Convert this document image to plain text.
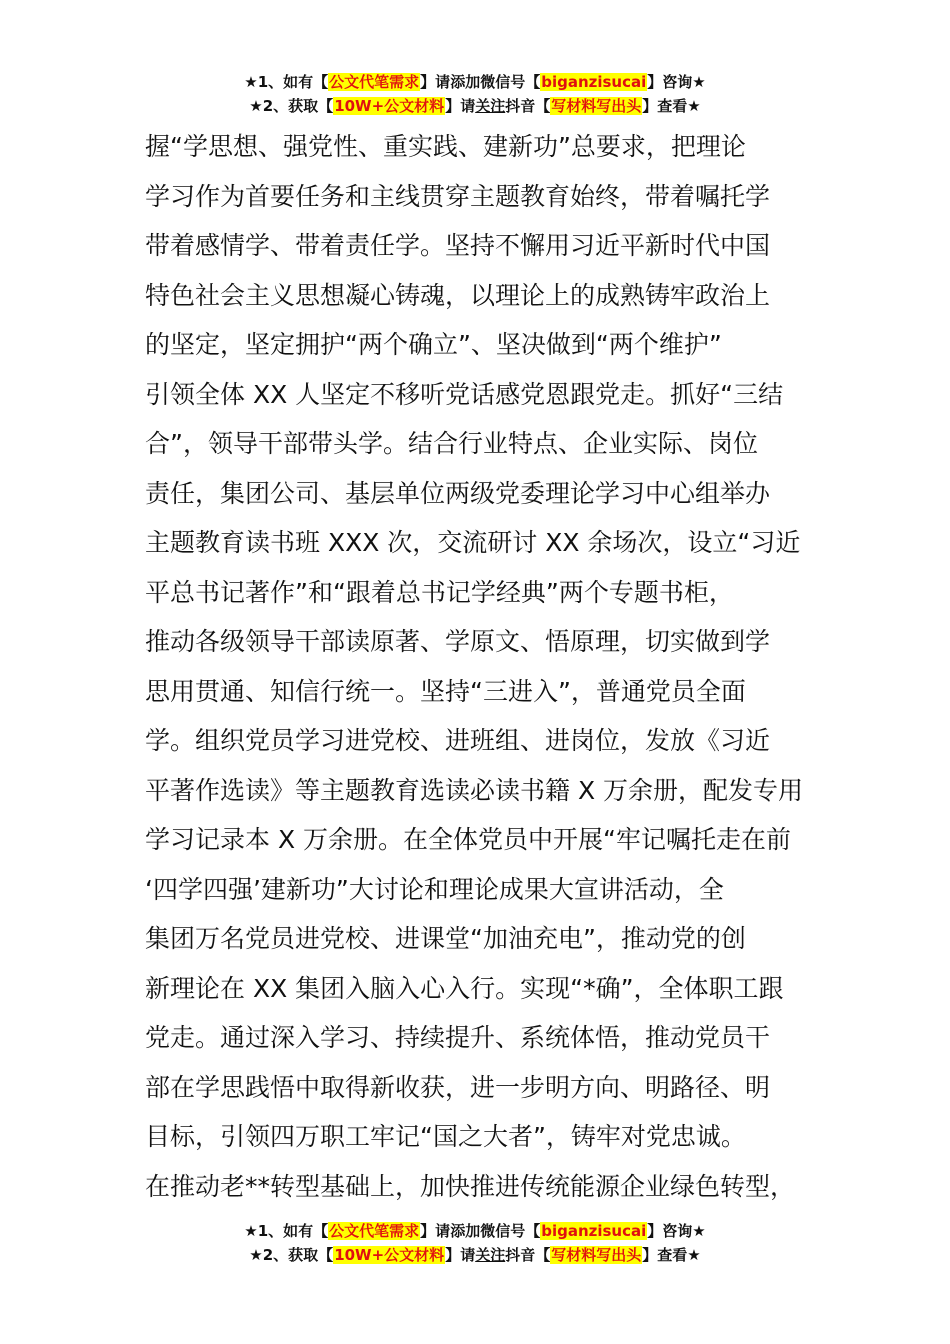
★1、如有【公文代笔需求】请添加微信号【biganzisucai】咨询★
★2、获取【10W+公文材料】请关注抖音【写材料写出头】查看★
握“学思想、强党性、重实践、建新功”总要求，把理论
学习作为首要任务和主线贯穿主题教育始终，带着嘱托学
带着感情学、带着责任学。坚持不懈用习近平新时代中国
特色社会主义思想凝心铸魂，以理论上的成熟铸牢政治上
的坚定，坚定拥护“两个确立”、坚决做到“两个维护”
引领全体 XX 人坚定不移听党话感党恩跟党走。抓好“三结
合”，领导干部带头学。结合行业特点、企业实际、岗位
责任，集团公司、基层单位两级党委理论学习中心组举办
主题教育读书班 XXX 次，交流研讨 XX 余场次，设立“习近
平总书记著作”和“跟着总书记学经典”两个专题书柜，
推动各级领导干部读原著、学原文、悟原理，切实做到学
思用贯通、知信行统一。坚持“三进入”，普通党员全面
学。组织党员学习进党校、进班组、进岗位，发放《习近
平著作选读》等主题教育选读必读书籍 X 万余册，配发专用
学习记录本 X 万余册。在全体党员中开展“牢记嘱托走在前
‘四学四强’建新功”大讨论和理论成果大宣讲活动，全
集团万名党员进党校、进课堂“加油充电”，推动党的创
新理论在 XX 集团入脑入心入行。实现“*确”，全体职工跟
党走。通过深入学习、持续提升、系统体悟，推动党员干
部在学思践悟中取得新收获，进一步明方向、明路径、明
目标，引领四万职工牢记“国之大者”，铸牢对党忠诚。
在推动老**转型基础上，加快推进传统能源企业绿色转型，
★1、如有【公文代笔需求】请添加微信号【biganzisucai】咨询★
★2、获取【10W+公文材料】请关注抖音【写材料写出头】查看★
